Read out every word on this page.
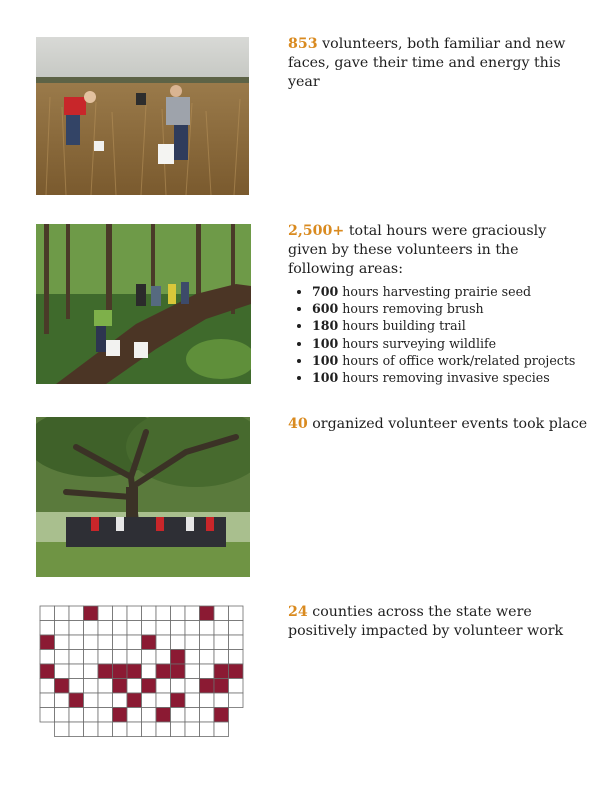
853 volunteers, both familiar and new faces, gave their time and energy this year
2,500+ total hours were graciously given by these volunteers in the following areas:
• 700 hours harvesting prairie seed
• 600 hours removing brush
• 180 hours building trail
• 100 hours surveying wildlife
• 100 hours of office work/related projects
• 100 hours removing invasive species
40 organized volunteer events took place
24 counties across the state were positively impacted by volunteer work
